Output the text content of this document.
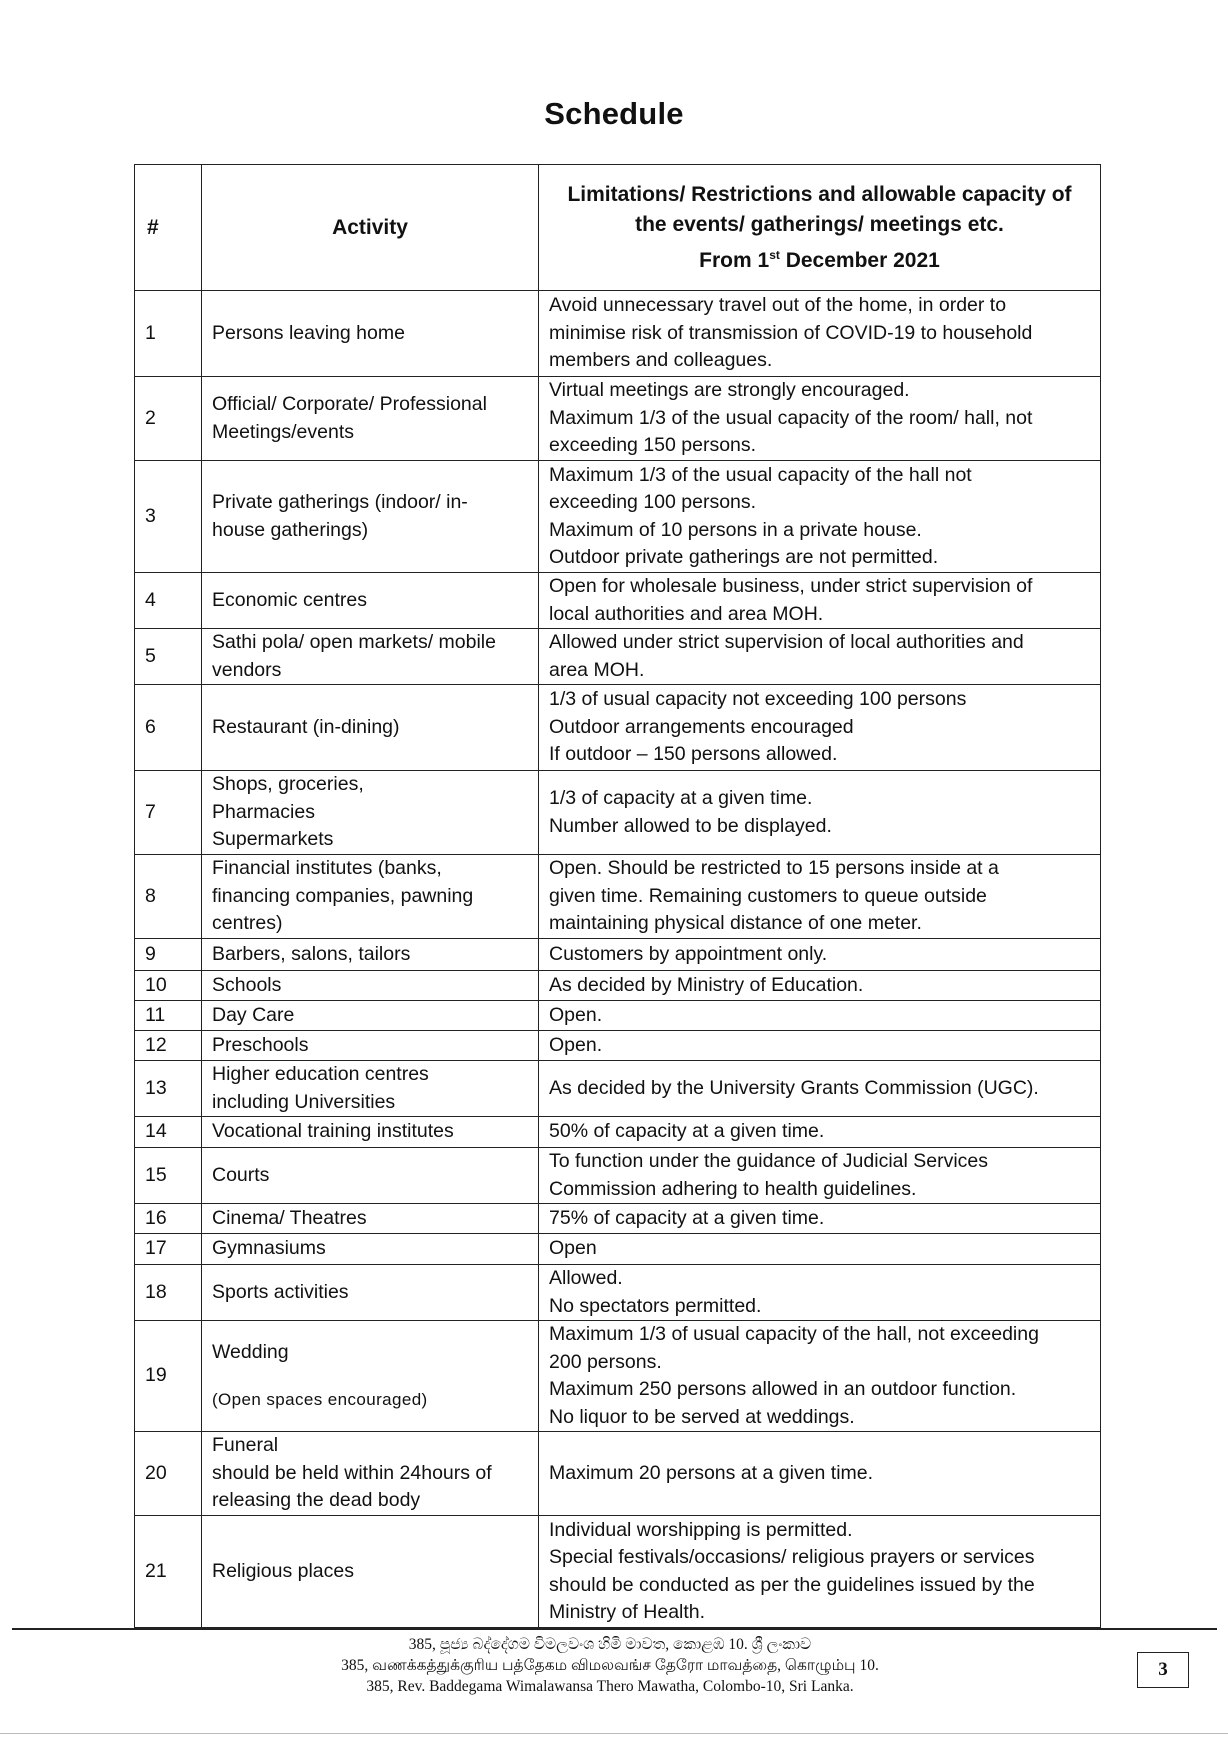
Schedule
#	Activity	Limitations/ Restrictions and allowable capacity of
the events/ gatherings/ meetings etc.
From 1st December 2021

1	Persons leaving home	Avoid unnecessary travel out of the home, in order to
minimise risk of transmission of COVID-19 to household
members and colleagues.

2	Official/ Corporate/ Professional
Meetings/events	Virtual meetings are strongly encouraged.
Maximum 1/3 of the usual capacity of the room/ hall, not
exceeding 150 persons.

3	Private gatherings (indoor/ in-
house gatherings)	Maximum 1/3 of the usual capacity of the hall not
exceeding 100 persons.
Maximum of 10 persons in a private house.
Outdoor private gatherings are not permitted.

4	Economic centres	Open for wholesale business, under strict supervision of
local authorities and area MOH.

5	Sathi pola/ open markets/ mobile
vendors	Allowed under strict supervision of local authorities and
area MOH.

6	Restaurant (in-dining)	1/3 of usual capacity not exceeding 100 persons
Outdoor arrangements encouraged
If outdoor – 150 persons allowed.

7	Shops, groceries,
Pharmacies
Supermarkets	1/3 of capacity at a given time.
Number allowed to be displayed.

8	Financial institutes (banks,
financing companies, pawning
centres)	Open. Should be restricted to 15 persons inside at a
given time. Remaining customers to queue outside
maintaining physical distance of one meter.

9	Barbers, salons, tailors	Customers by appointment only.

10	Schools	As decided by Ministry of Education.

11	Day Care	Open.

12	Preschools	Open.

13	Higher education centres
including Universities	As decided by the University Grants Commission (UGC).

14	Vocational training institutes	50% of capacity at a given time.

15	Courts	To function under the guidance of Judicial Services
Commission adhering to health guidelines.

16	Cinema/ Theatres	75% of capacity at a given time.

17	Gymnasiums	Open

18	Sports activities	Allowed.
No spectators permitted.

19	Wedding
(Open spaces encouraged)	Maximum 1/3 of usual capacity of the hall, not exceeding
200 persons.
Maximum 250 persons allowed in an outdoor function.
No liquor to be served at weddings.

20	Funeral
should be held within 24hours of
releasing the dead body	Maximum 20 persons at a given time.

21	Religious places	Individual worshipping is permitted.
Special festivals/occasions/ religious prayers or services
should be conducted as per the guidelines issued by the
Ministry of Health.
385, පූජ්‍ය බද්දේගම විමලවංශ හිමි මාවත, කොළඹ 10. ශ්‍රී ලංකාව
385, வணக்கத்துக்குரிய பத்தேகம விமலவங்ச தேரோ மாவத்தை, கொழும்பு 10.
385, Rev. Baddegama Wimalawansa Thero Mawatha, Colombo-10, Sri Lanka.
3
